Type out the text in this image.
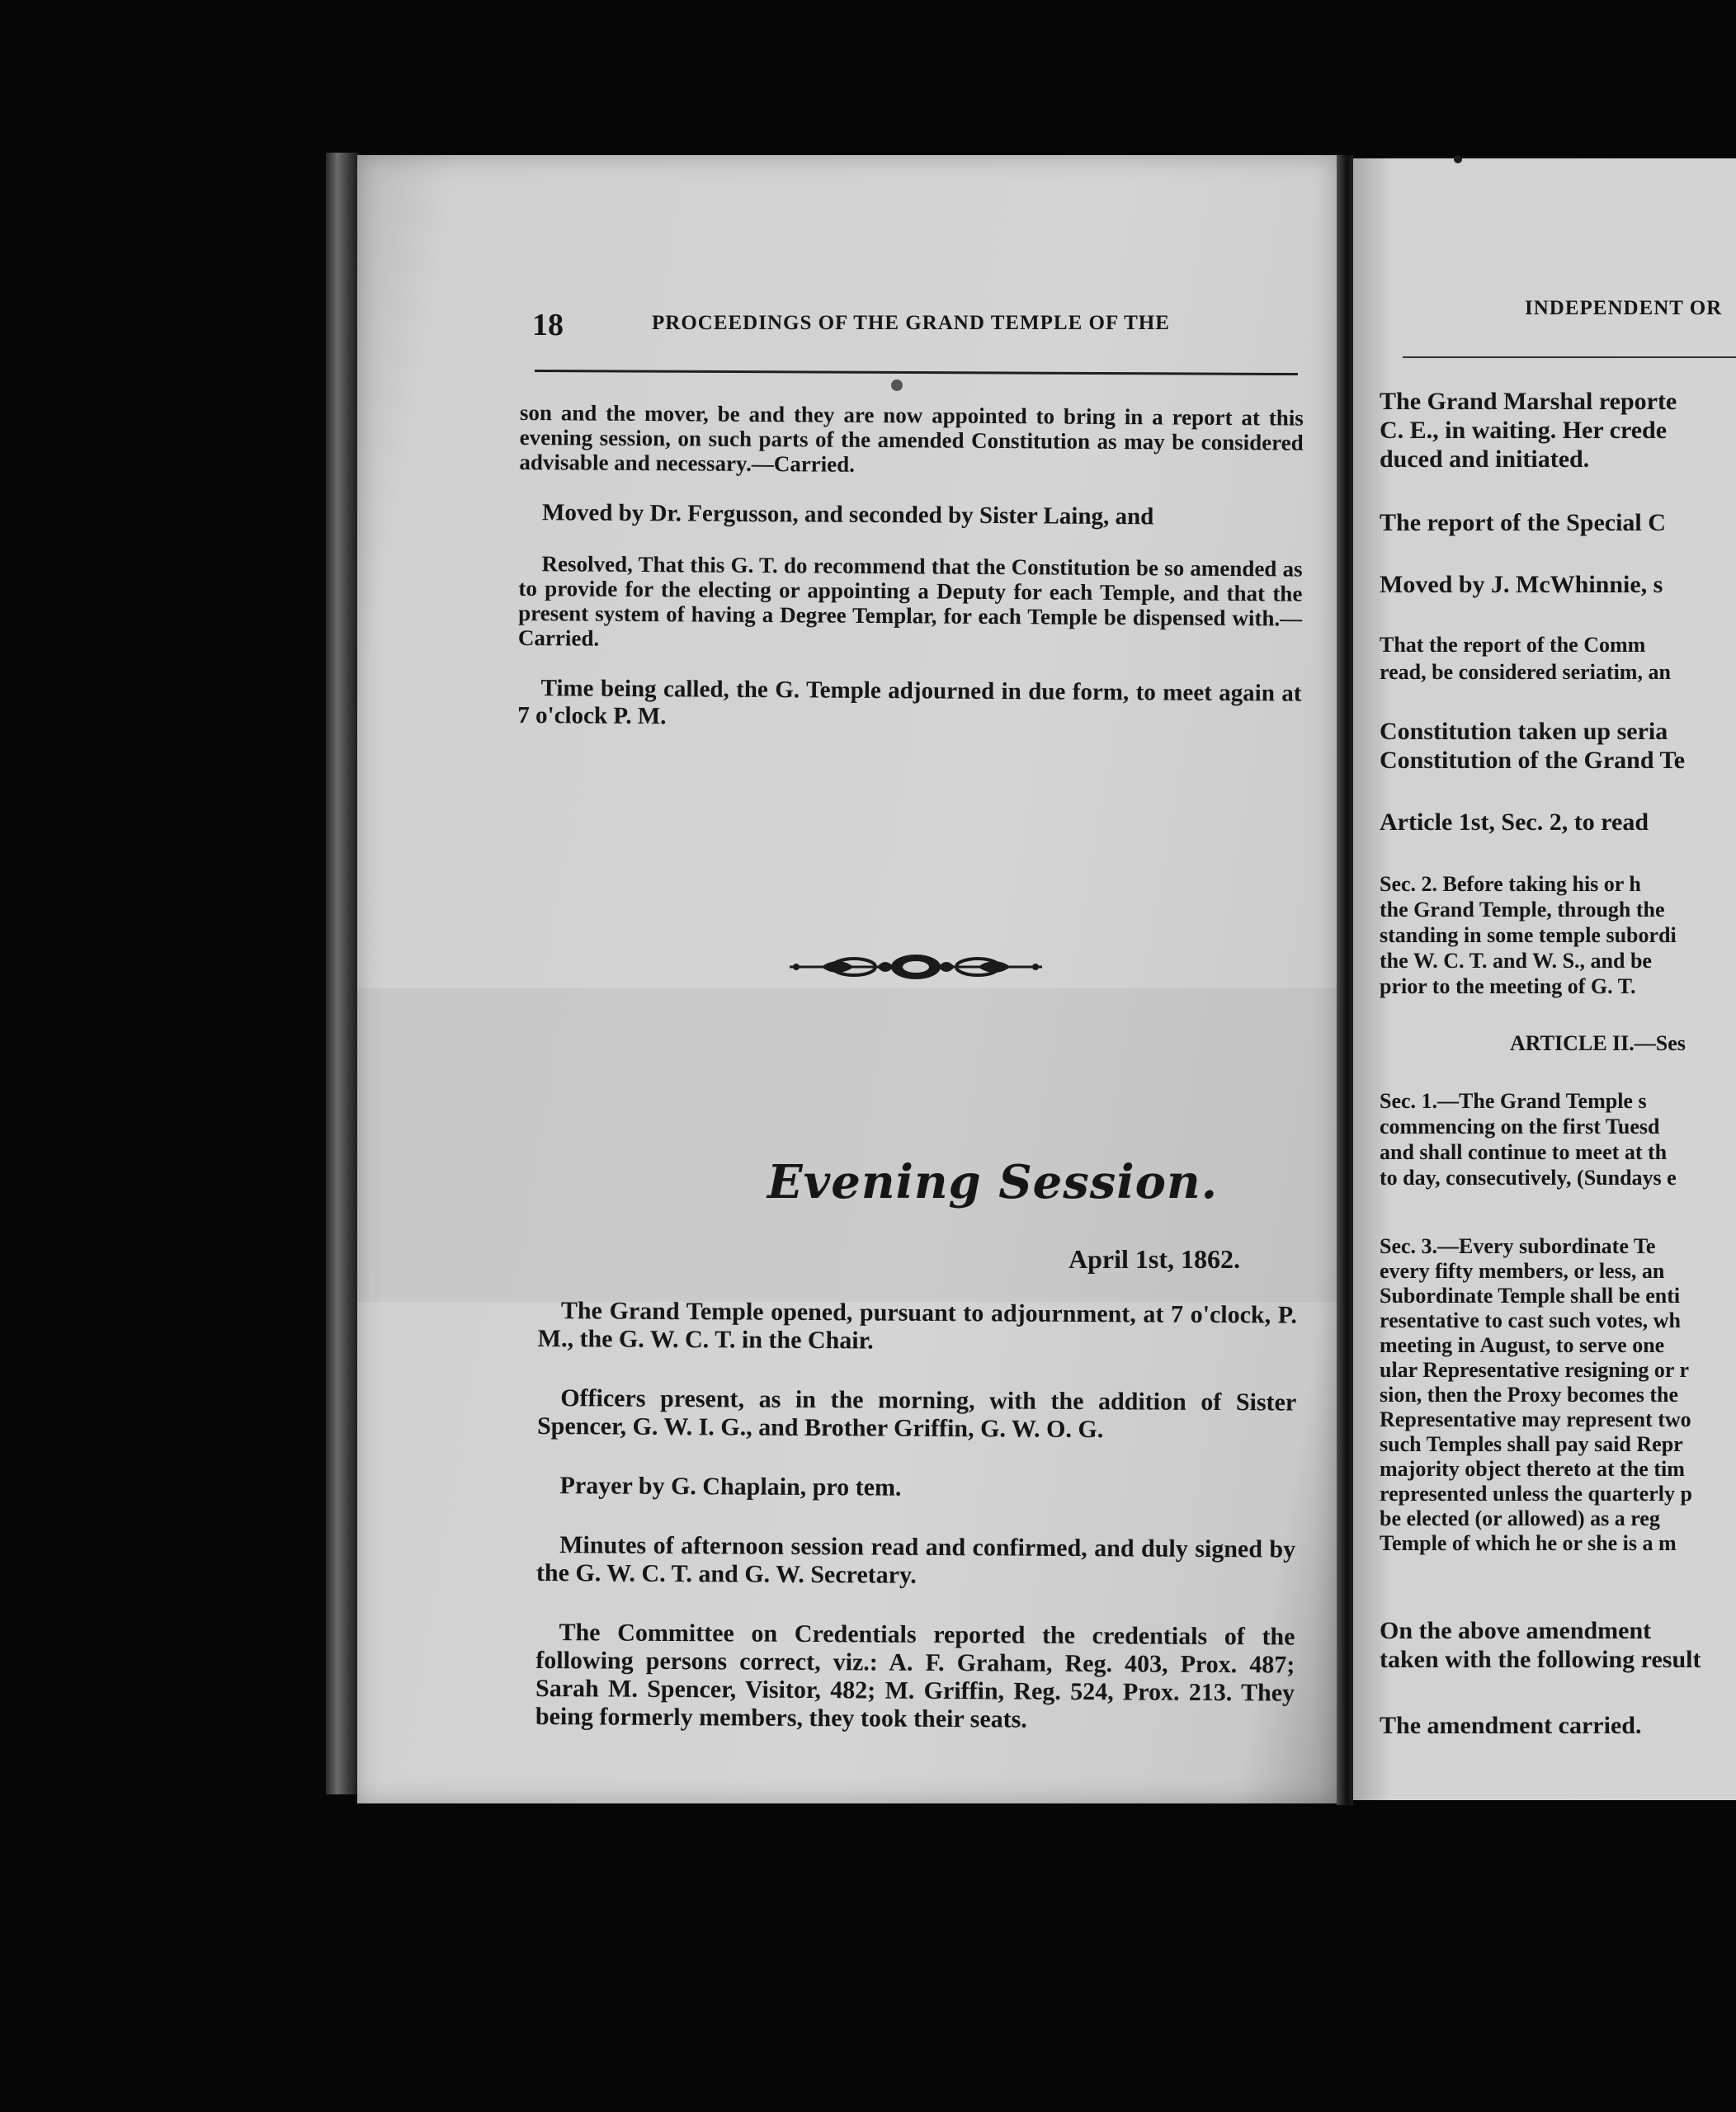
18	PROCEEDINGS OF THE GRAND TEMPLE OF THE

son and the mover, be and they are now appointed to bring in a report at this evening session, on such parts of the amended Constitution as may be considered advisable and necessary.—Carried.

Moved by Dr. Fergusson, and seconded by Sister Laing, and

Resolved, That this G. T. do recommend that the Constitution be so amended as to provide for the electing or appointing a Deputy for each Temple, and that the present system of having a Degree Templar, for each Temple be dispensed with.—Carried.

Time being called, the G. Temple adjourned in due form, to meet again at 7 o'clock P. M.

Evening Session.
April 1st, 1862.

The Grand Temple opened, pursuant to adjournment, at 7 o'clock, P. M., the G. W. C. T. in the Chair.

Officers present, as in the morning, with the addition of Sister Spencer, G. W. I. G., and Brother Griffin, G. W. O. G.

Prayer by G. Chaplain, pro tem.

Minutes of afternoon session read and confirmed, and duly signed by the G. W. C. T. and G. W. Secretary.

The Committee on Credentials reported the credentials of the following persons correct, viz.: A. F. Graham, Reg. 403, Prox. 487; Sarah M. Spencer, Visitor, 482; M. Griffin, Reg. 524, Prox. 213. They being formerly members, they took their seats.

INDEPENDENT OR
The Grand Marshal reporte
C. E., in waiting. Her crede
duced and initiated.
The report of the Special C
Moved by J. McWhinnie, s
That the report of the Comm
read, be considered seriatim, an
Constitution taken up seria
Constitution of the Grand Te
Article 1st, Sec. 2, to read
Sec. 2. Before taking his or h
the Grand Temple, through the
standing in some temple subordi
the W. C. T. and W. S., and be
prior to the meeting of G. T.
ARTICLE II.—Ses
Sec. 1.—The Grand Temple s
commencing on the first Tuesd
and shall continue to meet at th
to day, consecutively, (Sundays e
Sec. 3.—Every subordinate Te
every fifty members, or less, an
Subordinate Temple shall be enti
resentative to cast such votes, wh
meeting in August, to serve one
ular Representative resigning or r
sion, then the Proxy becomes the
Representative may represent two
such Temples shall pay said Repr
majority object thereto at the tim
represented unless the quarterly p
be elected (or allowed) as a reg
Temple of which he or she is a m
On the above amendment
taken with the following result
The amendment carried.
